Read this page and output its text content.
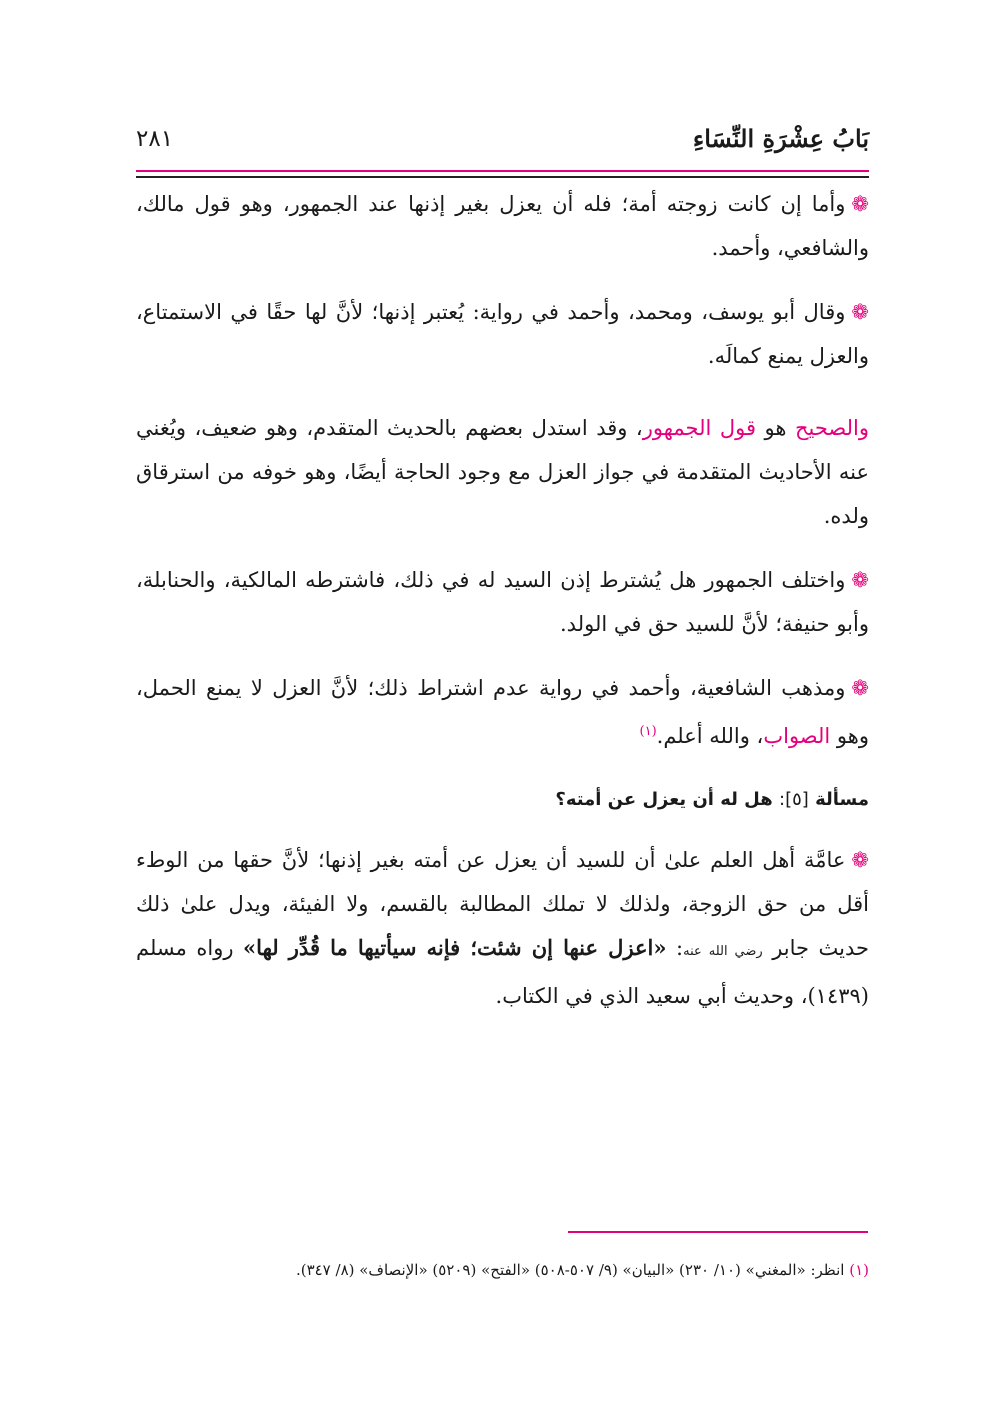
بَابُ عِشْرَةِ النِّسَاءِ
٢٨١

❁وأما إن كانت زوجته أمة؛ فله أن يعزل بغير إذنها عند الجمهور، وهو قول مالك، والشافعي، وأحمد.

❁وقال أبو يوسف، ومحمد، وأحمد في رواية: يُعتبر إذنها؛ لأنَّ لها حقًا في الاستمتاع، والعزل يمنع كمالَه.

والصحيح هو قول الجمهور، وقد استدل بعضهم بالحديث المتقدم، وهو ضعيف، ويُغني عنه الأحاديث المتقدمة في جواز العزل مع وجود الحاجة أيضًا، وهو خوفه من استرقاق ولده.

❁واختلف الجمهور هل يُشترط إذن السيد له في ذلك، فاشترطه المالكية، والحنابلة، وأبو حنيفة؛ لأنَّ للسيد حق في الولد.

❁ومذهب الشافعية، وأحمد في رواية عدم اشتراط ذلك؛ لأنَّ العزل لا يمنع الحمل، وهو الصواب، والله أعلم.$^{(١)}$

مسألة [٥]: هل له أن يعزل عن أمته؟

❁عامَّة أهل العلم علىٰ أن للسيد أن يعزل عن أمته بغير إذنها؛ لأنَّ حقها من الوطء أقل من حق الزوجة، ولذلك لا تملك المطالبة بالقسم، ولا الفيئة، ويدل علىٰ ذلك حديث جابر رضي الله عنه: «اعزل عنها إن شئت؛ فإنه سيأتيها ما قُدِّر لها» رواه مسلم (١٤٣٩)، وحديث أبي سعيد الذي في الكتاب.

(١) انظر: «المغني» (١٠/ ٢٣٠) «البيان» (٩/ ٥٠٧-٥٠٨) «الفتح» (٥٢٠٩) «الإنصاف» (٨/ ٣٤٧).
